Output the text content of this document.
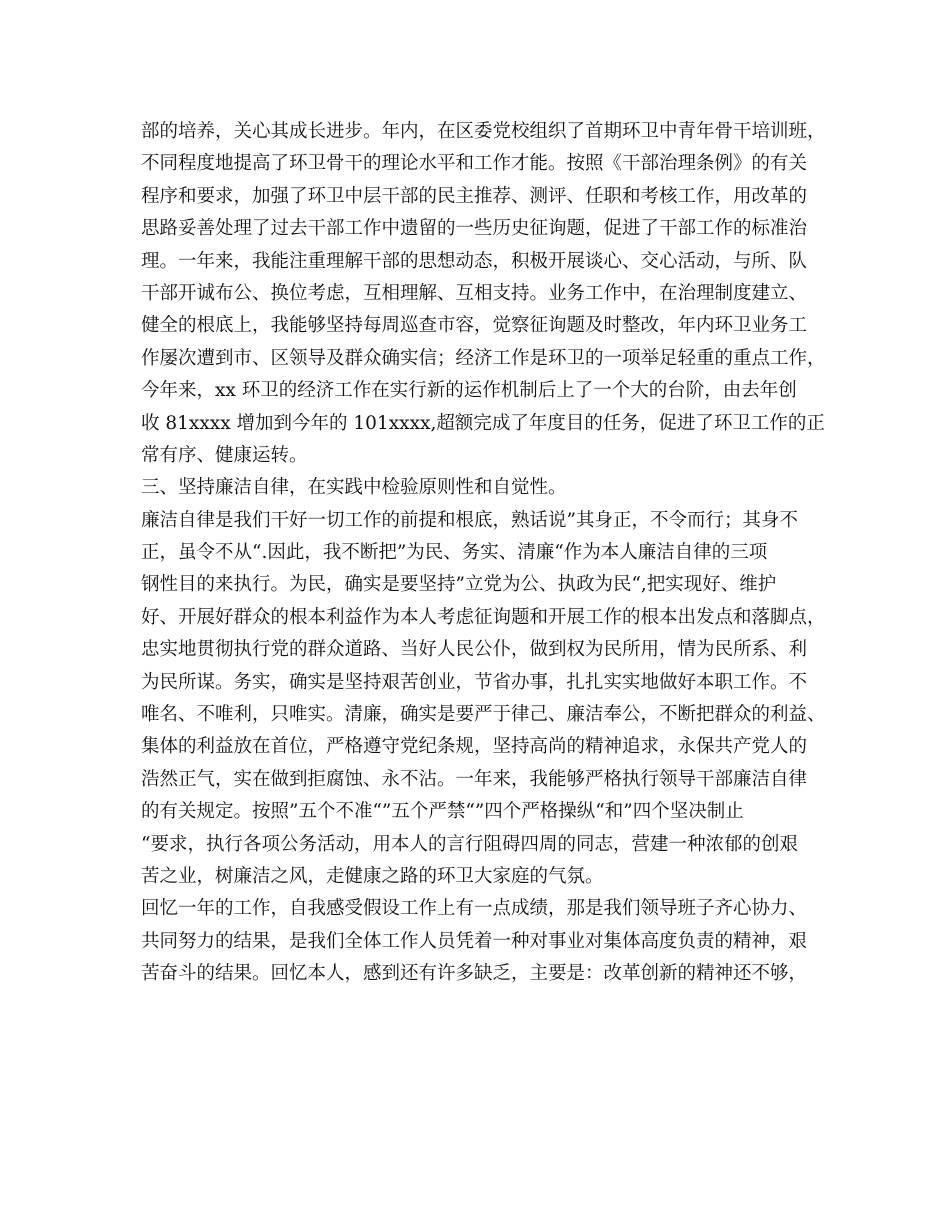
部的培养，关心其成长进步。年内，在区委党校组织了首期环卫中青年骨干培训班，
不同程度地提高了环卫骨干的理论水平和工作才能。按照《干部治理条例》的有关
程序和要求，加强了环卫中层干部的民主推荐、测评、任职和考核工作，用改革的
思路妥善处理了过去干部工作中遗留的一些历史征询题，促进了干部工作的标准治
理。一年来，我能注重理解干部的思想动态，积极开展谈心、交心活动，与所、队
干部开诚布公、换位考虑，互相理解、互相支持。业务工作中，在治理制度建立、
健全的根底上，我能够坚持每周巡查市容，觉察征询题及时整改，年内环卫业务工
作屡次遭到市、区领导及群众确实信；经济工作是环卫的一项举足轻重的重点工作，
今年来，xx 环卫的经济工作在实行新的运作机制后上了一个大的台阶，由去年创
收 81xxxx 增加到今年的 101xxxx,超额完成了年度目的任务，促进了环卫工作的正
常有序、健康运转。
三、坚持廉洁自律，在实践中检验原则性和自觉性。
廉洁自律是我们干好一切工作的前提和根底，熟话说”其身正，不令而行；其身不
正，虽令不从“.因此，我不断把”为民、务实、清廉“作为本人廉洁自律的三项
钢性目的来执行。为民，确实是要坚持”立党为公、执政为民“,把实现好、维护
好、开展好群众的根本利益作为本人考虑征询题和开展工作的根本出发点和落脚点，
忠实地贯彻执行党的群众道路、当好人民公仆，做到权为民所用，情为民所系、利
为民所谋。务实，确实是坚持艰苦创业，节省办事，扎扎实实地做好本职工作。不
唯名、不唯利，只唯实。清廉，确实是要严于律己、廉洁奉公，不断把群众的利益、
集体的利益放在首位，严格遵守党纪条规，坚持高尚的精神追求，永保共产党人的
浩然正气，实在做到拒腐蚀、永不沾。一年来，我能够严格执行领导干部廉洁自律
的有关规定。按照”五个不准“”五个严禁“”四个严格操纵“和”四个坚决制止
“要求，执行各项公务活动，用本人的言行阻碍四周的同志，营建一种浓郁的创艰
苦之业，树廉洁之风，走健康之路的环卫大家庭的气氛。
回忆一年的工作，自我感受假设工作上有一点成绩，那是我们领导班子齐心协力、
共同努力的结果，是我们全体工作人员凭着一种对事业对集体高度负责的精神，艰
苦奋斗的结果。回忆本人，感到还有许多缺乏，主要是：改革创新的精神还不够，
